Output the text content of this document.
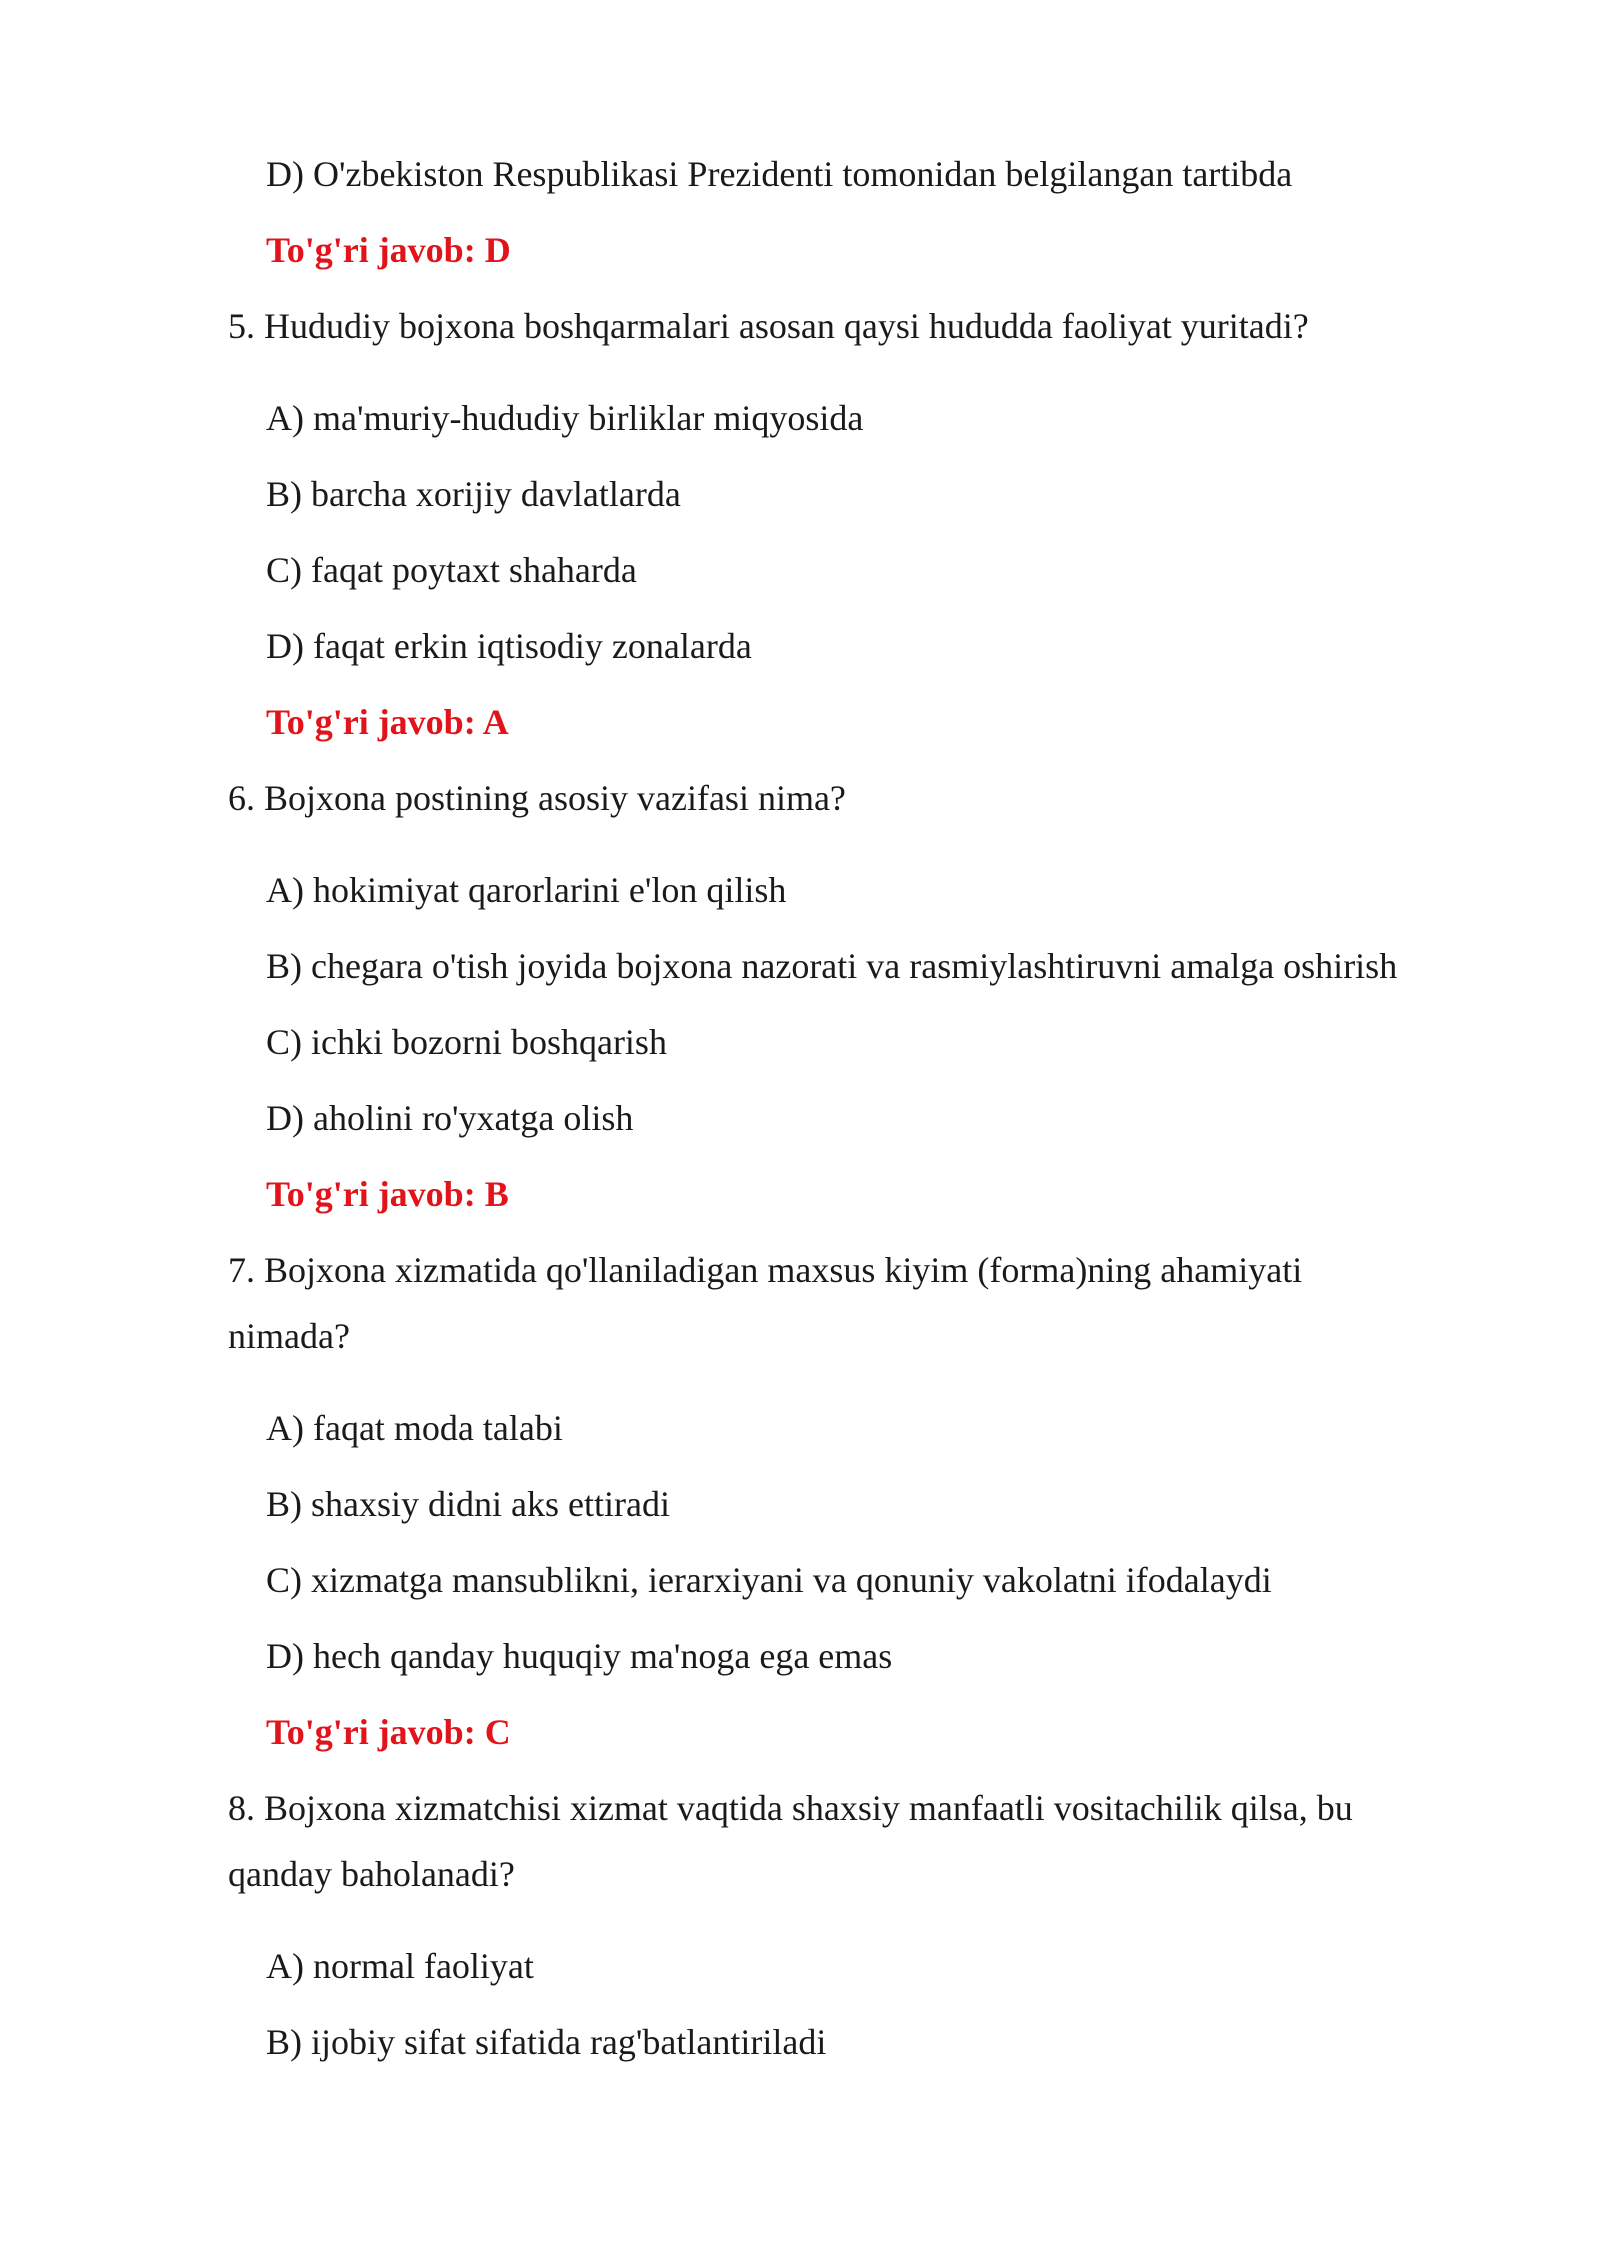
D) O'zbekiston Respublikasi Prezidenti tomonidan belgilangan tartibda
To'g'ri javob: D
5. Hududiy bojxona boshqarmalari asosan qaysi hududda faoliyat yuritadi?
A) ma'muriy-hududiy birliklar miqyosida
B) barcha xorijiy davlatlarda
C) faqat poytaxt shaharda
D) faqat erkin iqtisodiy zonalarda
To'g'ri javob: A
6. Bojxona postining asosiy vazifasi nima?
A) hokimiyat qarorlarini e'lon qilish
B) chegara o'tish joyida bojxona nazorati va rasmiylashtiruvni amalga oshirish
C) ichki bozorni boshqarish
D) aholini ro'yxatga olish
To'g'ri javob: B
7. Bojxona xizmatida qo'llaniladigan maxsus kiyim (forma)ning ahamiyati
nimada?
A) faqat moda talabi
B) shaxsiy didni aks ettiradi
C) xizmatga mansublikni, ierarxiyani va qonuniy vakolatni ifodalaydi
D) hech qanday huquqiy ma'noga ega emas
To'g'ri javob: C
8. Bojxona xizmatchisi xizmat vaqtida shaxsiy manfaatli vositachilik qilsa, bu
qanday baholanadi?
A) normal faoliyat
B) ijobiy sifat sifatida rag'batlantiriladi
